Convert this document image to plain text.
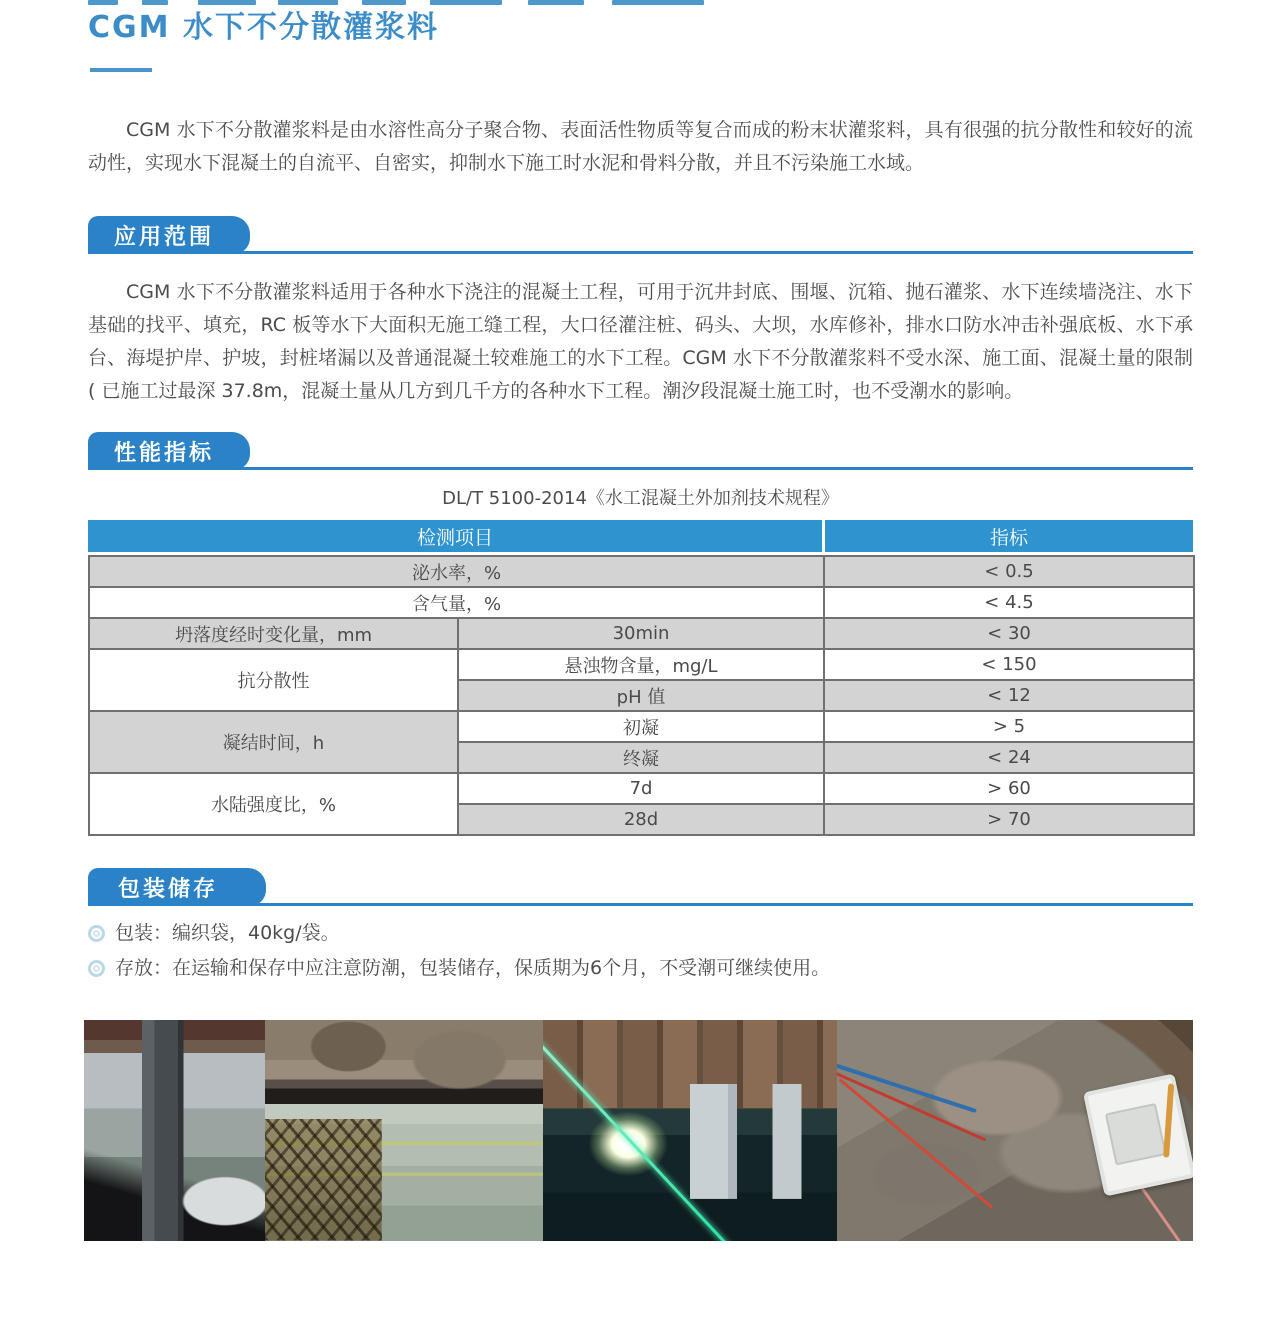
CGM 水下不分散灌浆料

CGM 水下不分散灌浆料是由水溶性高分子聚合物、表面活性物质等复合而成的粉末状灌浆料，具有很强的抗分散性和较好的流动性，实现水下混凝土的自流平、自密实，抑制水下施工时水泥和骨料分散，并且不污染施工水域。

应用范围

CGM 水下不分散灌浆料适用于各种水下浇注的混凝土工程，可用于沉井封底、围堰、沉箱、抛石灌浆、水下连续墙浇注、水下基础的找平、填充，RC 板等水下大面积无施工缝工程，大口径灌注桩、码头、大坝，水库修补，排水口防水冲击补强底板、水下承台、海堤护岸、护坡，封桩堵漏以及普通混凝土较难施工的水下工程。CGM 水下不分散灌浆料不受水深、施工面、混凝土量的限制 ( 已施工过最深 37.8m，混凝土量从几方到几千方的各种水下工程。潮汐段混凝土施工时，也不受潮水的影响。

性能指标
DL/T 5100-2014《水工混凝土外加剂技术规程》
检测项目	指标
泌水率，%		< 0.5
含气量，%		< 4.5
坍落度经时变化量，mm	30min	< 30
抗分散性	悬浊物含量，mg/L	< 150
	pH 值	< 12
凝结时间，h	初凝	> 5
	终凝	< 24
水陆强度比，%	7d	> 60
	28d	> 70
包装储存
包装：编织袋，40kg/袋。
存放：在运输和保存中应注意防潮，包装储存，保质期为6个月，不受潮可继续使用。
